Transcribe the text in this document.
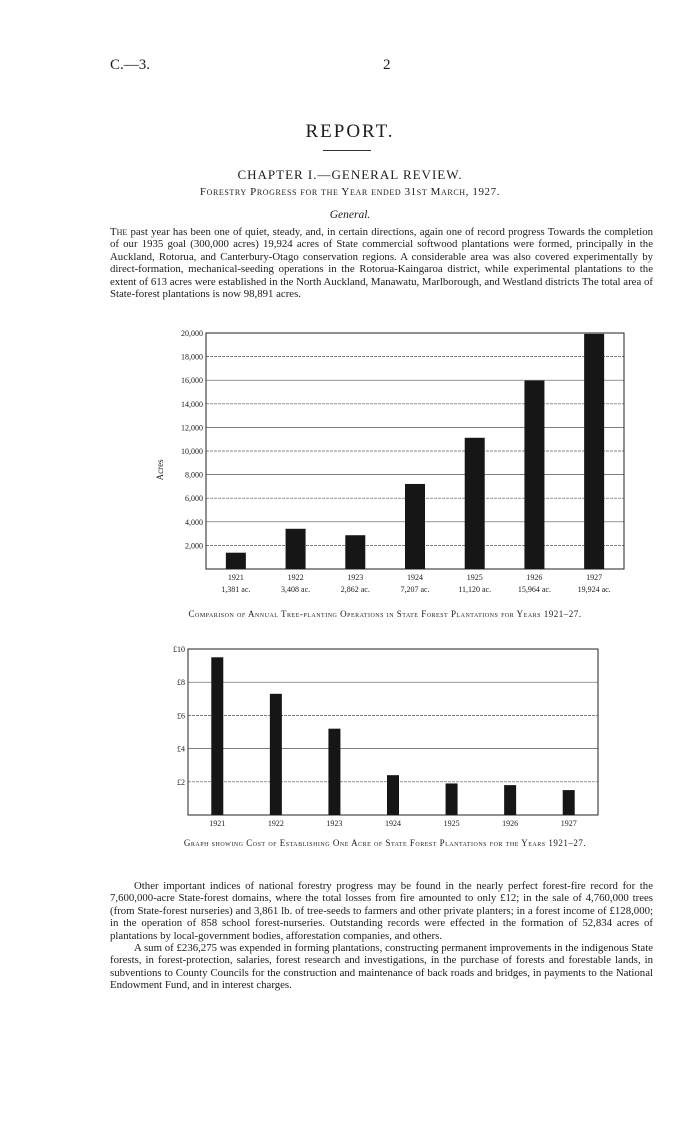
C.—3.	2
REPORT.
CHAPTER I.—GENERAL REVIEW.
Forestry Progress for the Year ended 31st March, 1927.
General.

The past year has been one of quiet, steady, and, in certain directions, again one of record progress Towards the completion of our 1935 goal (300,000 acres) 19,924 acres of State commercial softwood plantations were formed, principally in the Auckland, Rotorua, and Canterbury-Otago conservation regions. A considerable area was also covered experimentally by direct-formation, mechanical-seeding operations in the Rotorua-Kaingaroa district, while experimental plantations to the extent of 613 acres were established in the North Auckland, Manawatu, Marlborough, and Westland districts The total area of State-forest plantations is now 98,891 acres.

2,000
4,000
6,000
8,000
10,000
12,000
14,000
16,000
18,000
20,000
1921
1,381 ac.
1922
3,408 ac.
1923
2,862 ac.
1924
7,207 ac.
1925
11,120 ac.
1926
15,964 ac.
1927
19,924 ac.
Acres
Comparison of Annual Tree-planting Operations in State Forest Plantations for Years 1921–27.
£2
£4
£6
£8
£10
1921	1922	1923	1924	1925	1926	1927
Graph showing Cost of Establishing One Acre of State Forest Plantations for the Years 1921–27.

Other important indices of national forestry progress may be found in the nearly perfect forest-fire record for the 7,600,000-acre State-forest domains, where the total losses from fire amounted to only £12; in the sale of 4,760,000 trees (from State-forest nurseries) and 3,861 lb. of tree-seeds to farmers and other private planters; in a forest income of £128,000; in the operation of 858 school forest-nurseries. Outstanding records were effected in the formation of 52,834 acres of plantations by local-government bodies, afforestation companies, and others.

A sum of £236,275 was expended in forming plantations, constructing permanent improvements in the indigenous State forests, in forest-protection, salaries, forest research and investigations, in the purchase of forests and forestable lands, in subventions to County Councils for the construction and maintenance of back roads and bridges, in payments to the National Endowment Fund, and in interest charges.
